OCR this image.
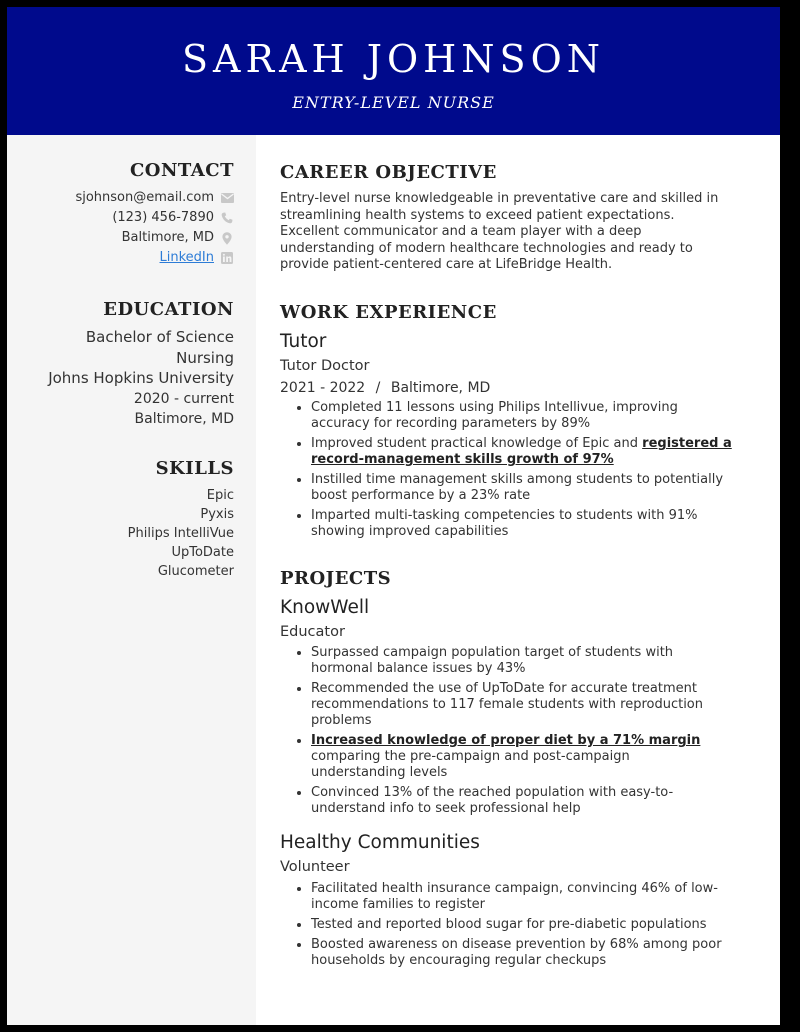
SARAH JOHNSON
ENTRY-LEVEL NURSE
CONTACT
sjohnson@email.com
(123) 456-7890
Baltimore, MD
LinkedIn
EDUCATION
Bachelor of Science
Nursing
Johns Hopkins University
2020 - current
Baltimore, MD
SKILLS
Epic
Pyxis
Philips IntelliVue
UpToDate
Glucometer
CAREER OBJECTIVE
Entry-level nurse knowledgeable in preventative care and skilled in
streamlining health systems to exceed patient expectations.
Excellent communicator and a team player with a deep
understanding of modern healthcare technologies and ready to
provide patient-centered care at LifeBridge Health.
WORK EXPERIENCE
Tutor
Tutor Doctor
2021 - 2022 / Baltimore, MD
Completed 11 lessons using Philips Intellivue, improving
accuracy for recording parameters by 89%
Improved student practical knowledge of Epic and registered a
record-management skills growth of 97%
Instilled time management skills among students to potentially
boost performance by a 23% rate
Imparted multi-tasking competencies to students with 91%
showing improved capabilities
PROJECTS
KnowWell
Educator
Surpassed campaign population target of students with
hormonal balance issues by 43%
Recommended the use of UpToDate for accurate treatment
recommendations to 117 female students with reproduction
problems
Increased knowledge of proper diet by a 71% margin
comparing the pre-campaign and post-campaign
understanding levels
Convinced 13% of the reached population with easy-to-
understand info to seek professional help
Healthy Communities
Volunteer
Facilitated health insurance campaign, convincing 46% of low-
income families to register
Tested and reported blood sugar for pre-diabetic populations
Boosted awareness on disease prevention by 68% among poor
households by encouraging regular checkups
